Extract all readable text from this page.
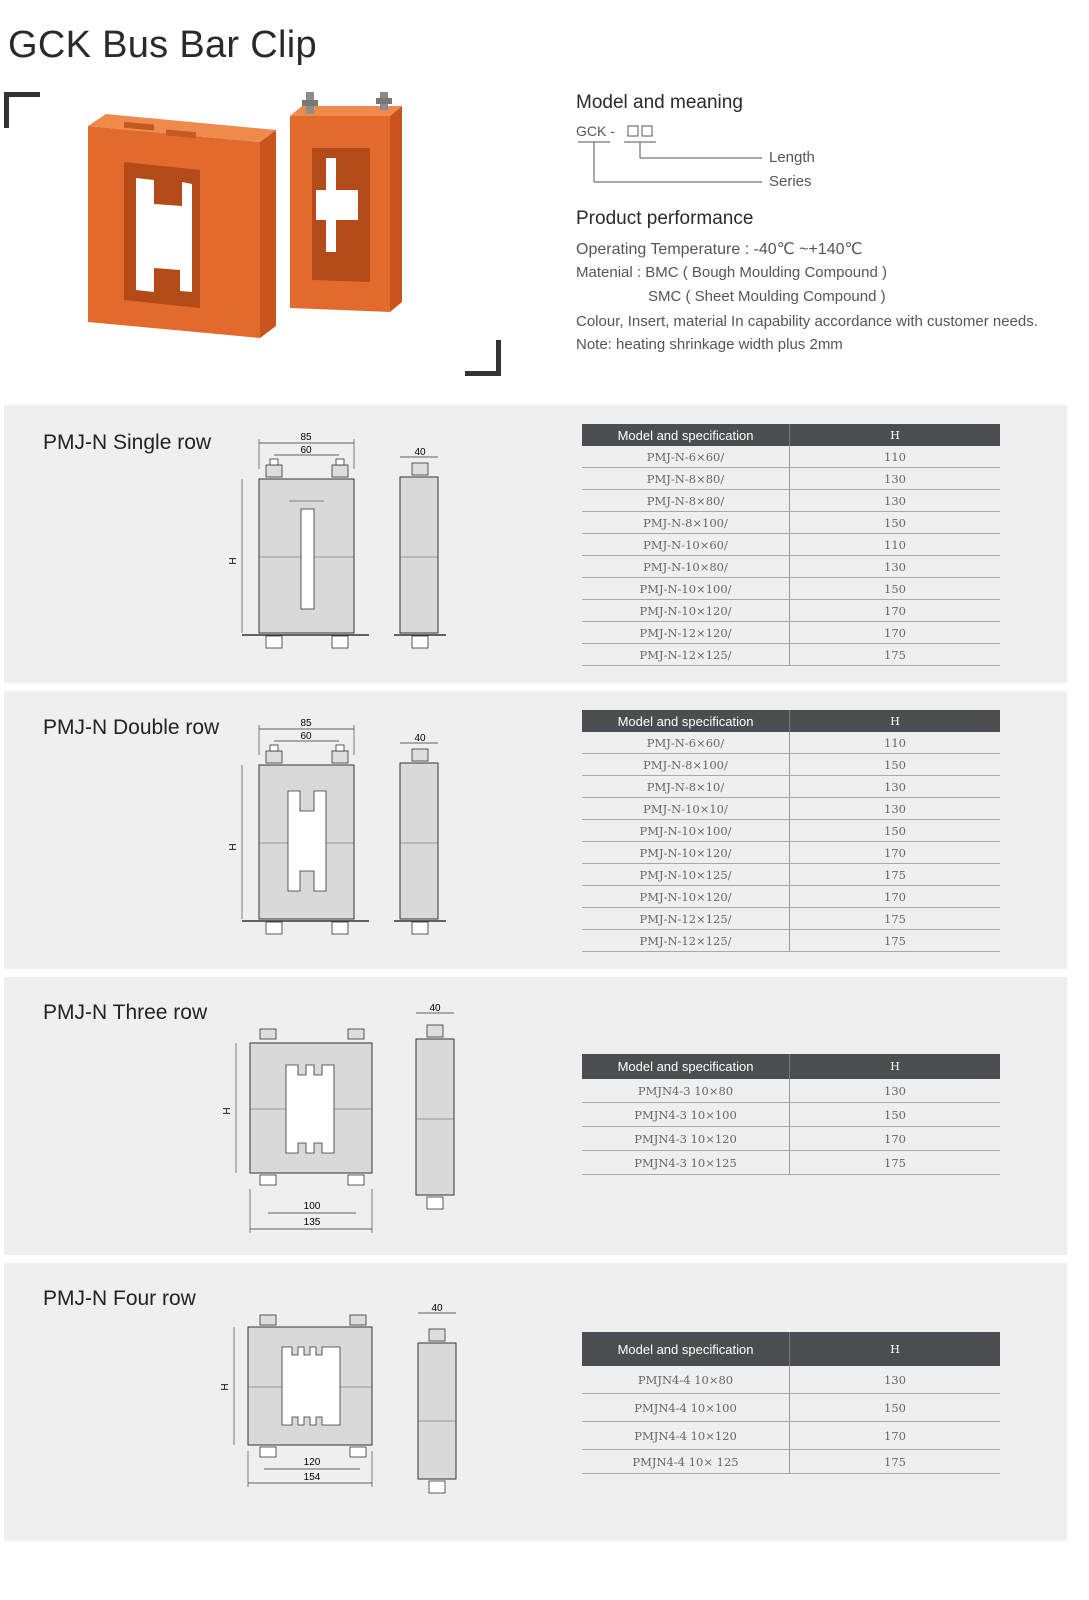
GCK Bus Bar Clip
Model and meaning
GCK -
Length
Series
Product performance
Operating Temperature : -40℃ ~+140℃
Matenial : BMC ( Bough Moulding Compound )
SMC ( Sheet Moulding Compound )
Colour, Insert, material In capability accordance with customer needs.
Note: heating shrinkage width plus 2mm
PMJ-N Single row	85
60
H
40
Model and specification	H
PMJ-N-6×60/	110
PMJ-N-8×80/	130
PMJ-N-8×80/	130
PMJ-N-8×100/	150
PMJ-N-10×60/	110
PMJ-N-10×80/	130
PMJ-N-10×100/	150
PMJ-N-10×120/	170
PMJ-N-12×120/	170
PMJ-N-12×125/	175
PMJ-N Double row	85
60
H
40
Model and specification	H
PMJ-N-6×60/	110
PMJ-N-8×100/	150
PMJ-N-8×10/	130
PMJ-N-10×10/	130
PMJ-N-10×100/	150
PMJ-N-10×120/	170
PMJ-N-10×125/	175
PMJ-N-10×120/	170
PMJ-N-12×125/	175
PMJ-N-12×125/	175
PMJ-N Three row
H
100
135
40
Model and specification	H
PMJN4-3 10×80	130
PMJN4-3 10×100	150
PMJN4-3 10×120	170
PMJN4-3 10×125	175
PMJ-N Four row
H
120
154
40
Model and specification	H
PMJN4-4 10×80	130
PMJN4-4 10×100	150
PMJN4-4 10×120	170
PMJN4-4 10× 125	175
